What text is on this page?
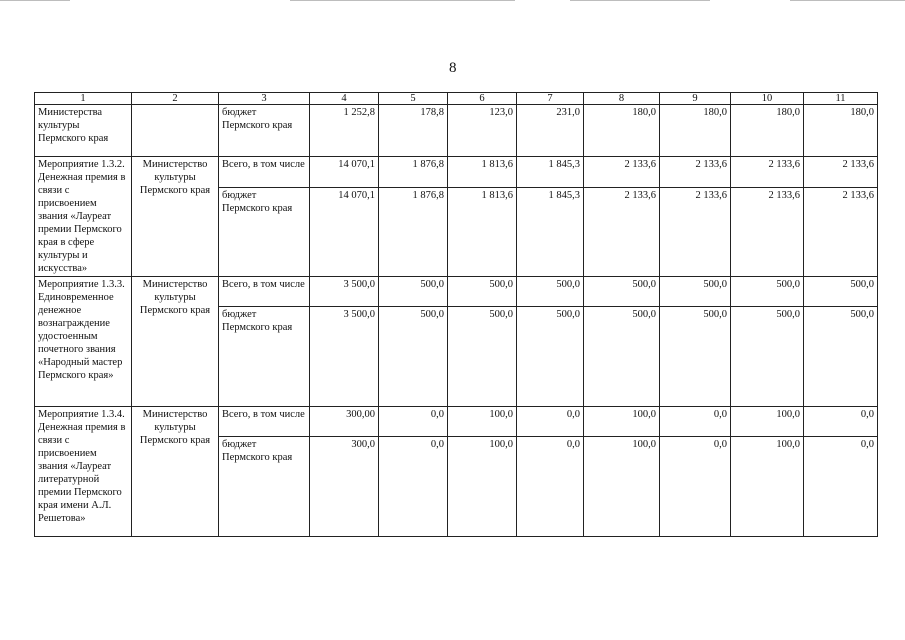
8
1	2	3	4	5	6	7	8	9	10	11
Министерства культуры Пермского края		бюджет Пермского края	1 252,8	178,8	123,0	231,0	180,0	180,0	180,0	180,0
Мероприятие 1.3.2. Денежная премия в связи с присвоением звания «Лауреат премии Пермского края в сфере культуры и искусства»	Министерство культуры Пермского края	Всего, в том числе	14 070,1	1 876,8	1 813,6	1 845,3	2 133,6	2 133,6	2 133,6	2 133,6
		бюджет Пермского края	14 070,1	1 876,8	1 813,6	1 845,3	2 133,6	2 133,6	2 133,6	2 133,6
Мероприятие 1.3.3. Единовременное денежное вознаграждение удостоенным почетного звания «Народный мастер Пермского края»	Министерство культуры Пермского края	Всего, в том числе	3 500,0	500,0	500,0	500,0	500,0	500,0	500,0	500,0
		бюджет Пермского края	3 500,0	500,0	500,0	500,0	500,0	500,0	500,0	500,0
Мероприятие 1.3.4. Денежная премия в связи с присвоением звания «Лауреат литературной премии Пермского края имени А.Л. Решетова»	Министерство культуры Пермского края	Всего, в том числе	300,00	0,0	100,0	0,0	100,0	0,0	100,0	0,0
		бюджет Пермского края	300,0	0,0	100,0	0,0	100,0	0,0	100,0	0,0
